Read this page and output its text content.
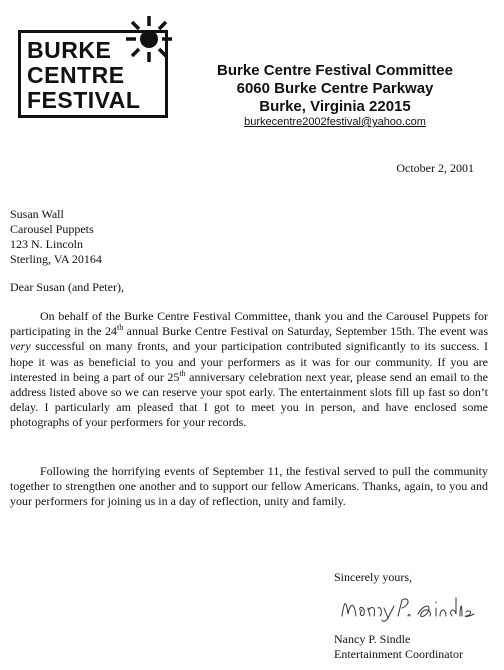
BURKE
CENTRE
FESTIVAL
Burke Centre Festival Committee
6060 Burke Centre Parkway
Burke, Virginia 22015
burkecentre2002festival@yahoo.com
October 2, 2001
Susan Wall
Carousel Puppets
123 N. Lincoln
Sterling, VA 20164
Dear Susan (and Peter),
On behalf of the Burke Centre Festival Committee, thank you and the Carousel Puppets for participating in the 24th annual Burke Centre Festival on Saturday, September 15th. The event was very successful on many fronts, and your participation contributed significantly to its success. I hope it was as beneficial to you and your performers as it was for our community. If you are interested in being a part of our 25th anniversary celebration next year, please send an email to the address listed above so we can reserve your spot early. The entertainment slots fill up fast so don’t delay. I particularly am pleased that I got to meet you in person, and have enclosed some photographs of your performers for your records.
Following the horrifying events of September 11, the festival served to pull the community together to strengthen one another and to support our fellow Americans. Thanks, again, to you and your performers for joining us in a day of reflection, unity and family.
Sincerely yours,
Nancy P. Sindle
Entertainment Coordinator
